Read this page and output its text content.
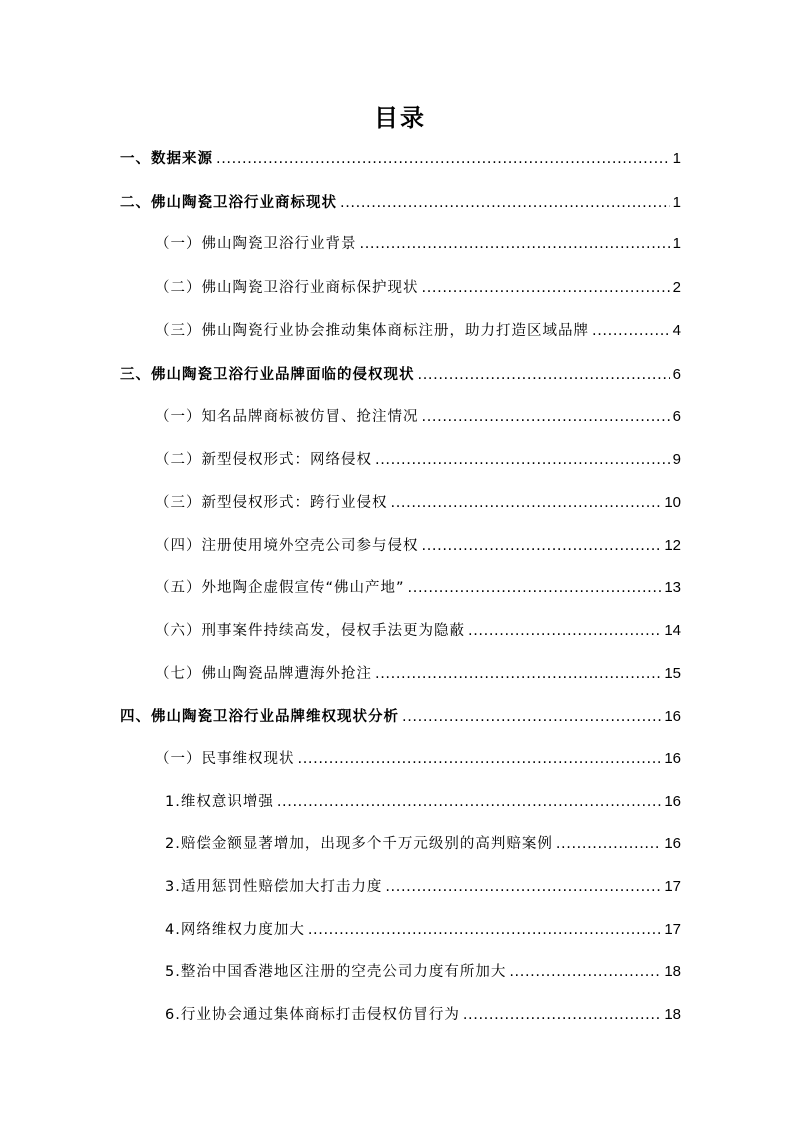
目录
一、数据来源 .....	1
二、佛山陶瓷卫浴行业商标现状 .....	1
（一）佛山陶瓷卫浴行业背景 .....	1
（二）佛山陶瓷卫浴行业商标保护现状 .....	2
（三）佛山陶瓷行业协会推动集体商标注册，助力打造区域品牌 .....	4
三、佛山陶瓷卫浴行业品牌面临的侵权现状 .....	6
（一）知名品牌商标被仿冒、抢注情况 .....	6
（二）新型侵权形式：网络侵权 .....	9
（三）新型侵权形式：跨行业侵权 .....	10
（四）注册使用境外空壳公司参与侵权 .....	12
（五）外地陶企虚假宣传“佛山产地” .....	13
（六）刑事案件持续高发，侵权手法更为隐蔽 .....	14
（七）佛山陶瓷品牌遭海外抢注 .....	15
四、佛山陶瓷卫浴行业品牌维权现状分析 .....	16
（一）民事维权现状 .....	16
1.维权意识增强 .....	16
2.赔偿金额显著增加，出现多个千万元级别的高判赔案例 .....	16
3.适用惩罚性赔偿加大打击力度 .....	17
4.网络维权力度加大 .....	17
5.整治中国香港地区注册的空壳公司力度有所加大 .....	18
6.行业协会通过集体商标打击侵权仿冒行为 .....	18
